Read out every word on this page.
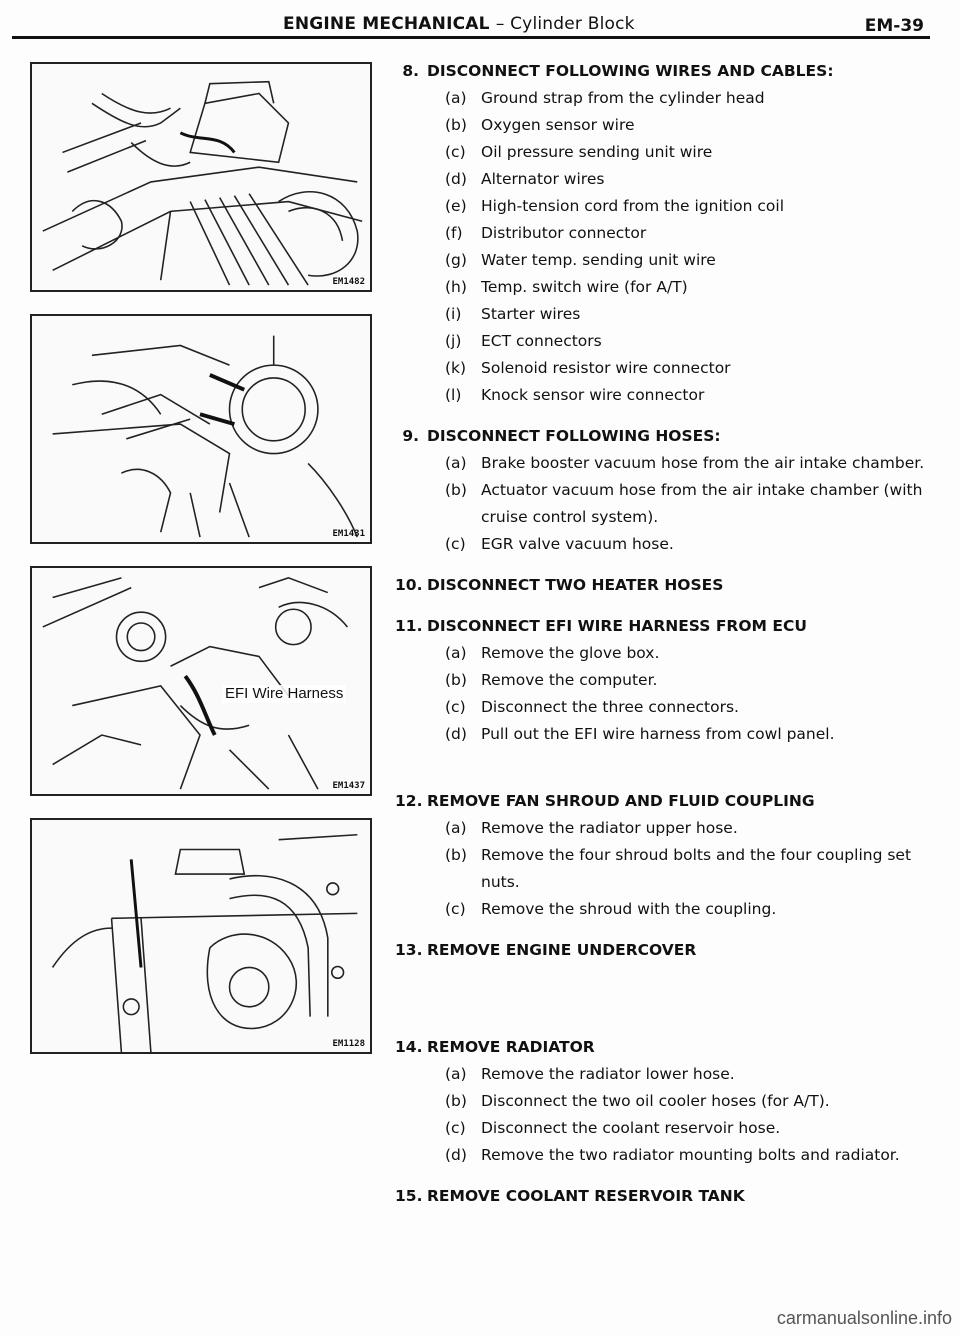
ENGINE MECHANICAL – Cylinder Block	EM-39
EM1482
EM1431
EFI Wire Harness
EM1437
EM1128
8. DISCONNECT FOLLOWING WIRES AND CABLES:
(a) Ground strap from the cylinder head
(b) Oxygen sensor wire
(c) Oil pressure sending unit wire
(d) Alternator wires
(e) High-tension cord from the ignition coil
(f)	Distributor connector
(g) Water temp. sending unit wire
(h) Temp. switch wire (for A/T)
(i)	Starter wires
(j)	ECT connectors
(k) Solenoid resistor wire connector
(l)	Knock sensor wire connector
9. DISCONNECT FOLLOWING HOSES:
(a) Brake booster vacuum hose from the air intake chamber.
(b) Actuator vacuum hose from the air intake chamber (with cruise control system).
(c) EGR valve vacuum hose.
10. DISCONNECT TWO HEATER HOSES
11. DISCONNECT EFI WIRE HARNESS FROM ECU
(a) Remove the glove box.
(b) Remove the computer.
(c) Disconnect the three connectors.
(d) Pull out the EFI wire harness from cowl panel.
12. REMOVE FAN SHROUD AND FLUID COUPLING
(a) Remove the radiator upper hose.
(b) Remove the four shroud bolts and the four coupling set nuts.
(c) Remove the shroud with the coupling.
13. REMOVE ENGINE UNDERCOVER
14. REMOVE RADIATOR
(a) Remove the radiator lower hose.
(b) Disconnect the two oil cooler hoses (for A/T).
(c) Disconnect the coolant reservoir hose.
(d) Remove the two radiator mounting bolts and radiator.
15. REMOVE COOLANT RESERVOIR TANK
carmanualsonline.info
